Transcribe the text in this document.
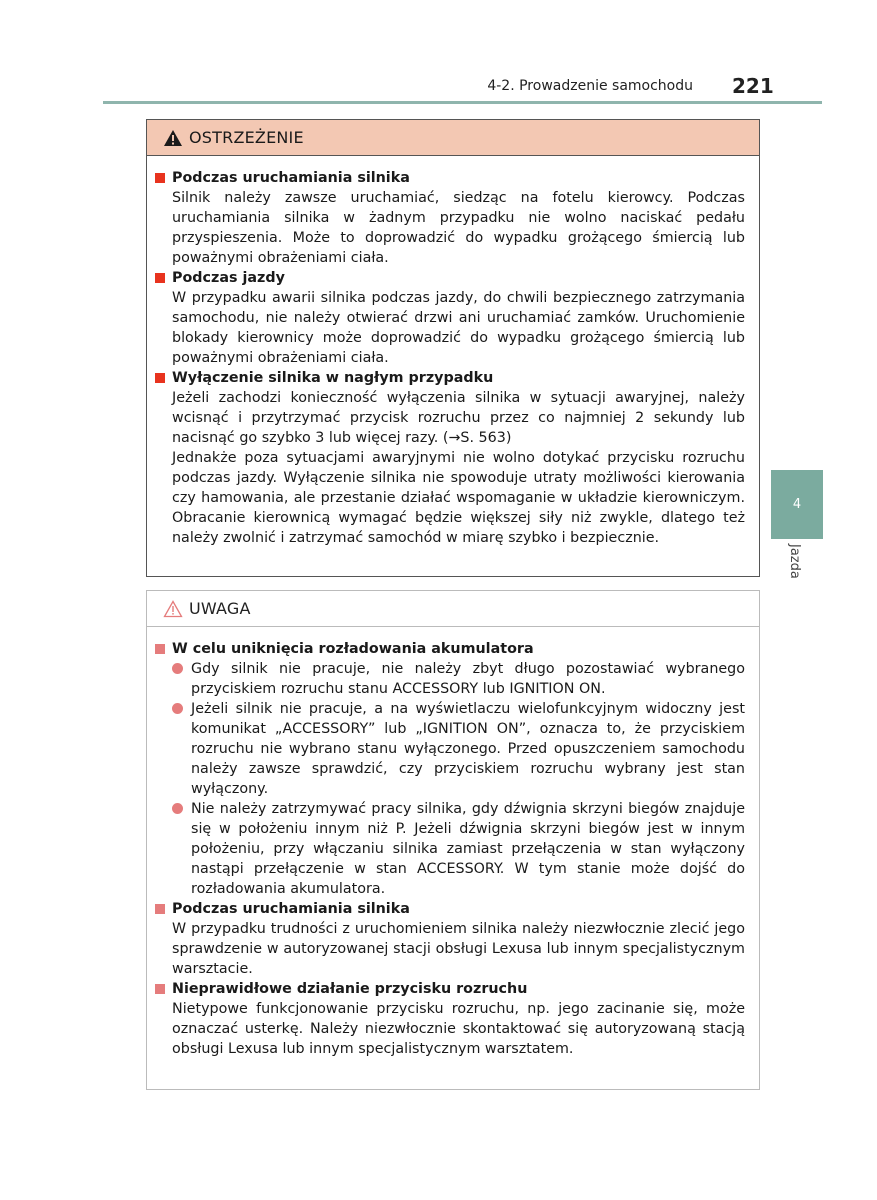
4-2. Prowadzenie samochodu 221
4
Jazda
OSTRZEŻENIE
Podczas uruchamiania silnika
Silnik należy zawsze uruchamiać, siedząc na fotelu kierowcy. Podczas uruchamiania silnika w żadnym przypadku nie wolno naciskać pedału przyspieszenia. Może to doprowadzić do wypadku grożącego śmiercią lub poważnymi obrażeniami ciała.
Podczas jazdy
W przypadku awarii silnika podczas jazdy, do chwili bezpiecznego zatrzymania samochodu, nie należy otwierać drzwi ani uruchamiać zamków. Uruchomienie blokady kierownicy może doprowadzić do wypadku grożącego śmiercią lub poważnymi obrażeniami ciała.
Wyłączenie silnika w nagłym przypadku
Jeżeli zachodzi konieczność wyłączenia silnika w sytuacji awaryjnej, należy wcisnąć i przytrzymać przycisk rozruchu przez co najmniej 2 sekundy lub nacisnąć go szybko 3 lub więcej razy. (→S. 563)
Jednakże poza sytuacjami awaryjnymi nie wolno dotykać przycisku rozruchu podczas jazdy. Wyłączenie silnika nie spowoduje utraty możliwości kierowania czy hamowania, ale przestanie działać wspomaganie w układzie kierowniczym. Obracanie kierownicą wymagać będzie większej siły niż zwykle, dlatego też należy zwolnić i zatrzymać samochód w miarę szybko i bezpiecznie.
UWAGA
W celu uniknięcia rozładowania akumulatora
Gdy silnik nie pracuje, nie należy zbyt długo pozostawiać wybranego przyciskiem rozruchu stanu ACCESSORY lub IGNITION ON.
Jeżeli silnik nie pracuje, a na wyświetlaczu wielofunkcyjnym widoczny jest komunikat „ACCESSORY” lub „IGNITION ON”, oznacza to, że przyciskiem rozruchu nie wybrano stanu wyłączonego. Przed opuszczeniem samochodu należy zawsze sprawdzić, czy przyciskiem rozruchu wybrany jest stan wyłączony.
Nie należy zatrzymywać pracy silnika, gdy dźwignia skrzyni biegów znajduje się w położeniu innym niż P. Jeżeli dźwignia skrzyni biegów jest w innym położeniu, przy włączaniu silnika zamiast przełączenia w stan wyłączony nastąpi przełączenie w stan ACCESSORY. W tym stanie może dojść do rozładowania akumulatora.
Podczas uruchamiania silnika
W przypadku trudności z uruchomieniem silnika należy niezwłocznie zlecić jego sprawdzenie w autoryzowanej stacji obsługi Lexusa lub innym specjalistycznym warsztacie.
Nieprawidłowe działanie przycisku rozruchu
Nietypowe funkcjonowanie przycisku rozruchu, np. jego zacinanie się, może oznaczać usterkę. Należy niezwłocznie skontaktować się autoryzowaną stacją obsługi Lexusa lub innym specjalistycznym warsztatem.
